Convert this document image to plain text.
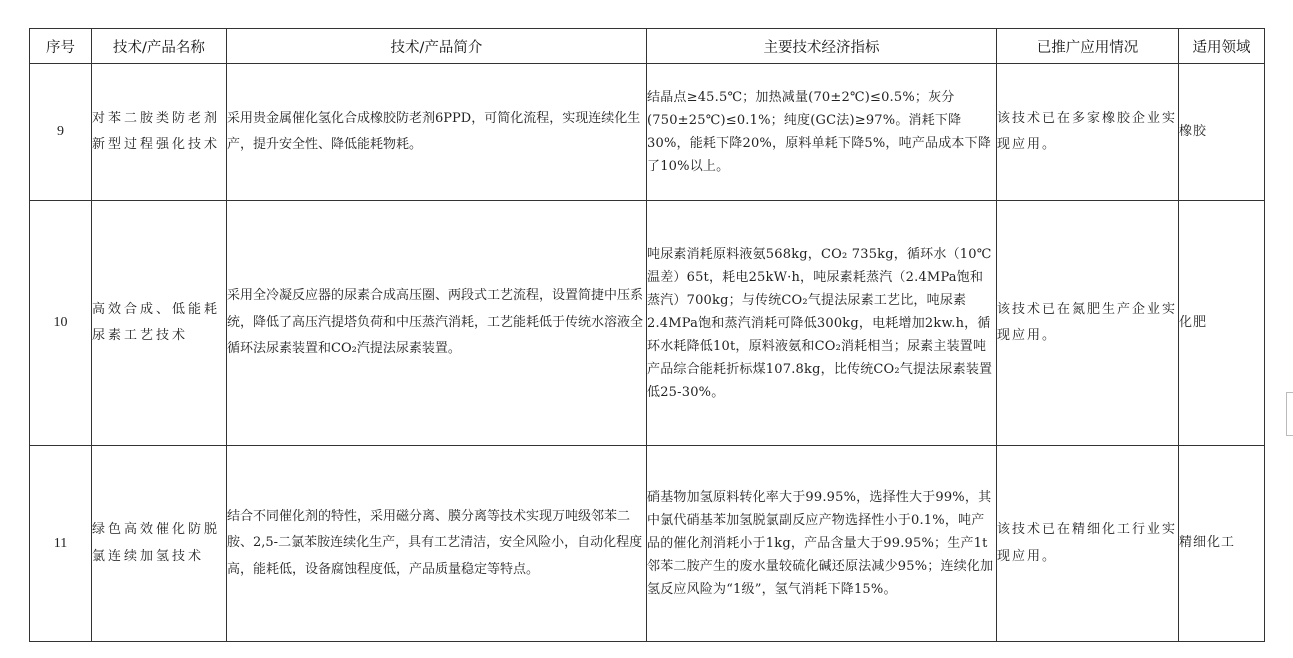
序号	技术/产品名称	技术/产品简介	主要技术经济指标	已推广应用情况	适用领域
9	对苯二胺类防老剂新型过程强化技术	采用贵金属催化氢化合成橡胶防老剂6PPD，可简化流程，实现连续化生产，提升安全性、降低能耗物耗。	结晶点≥45.5℃；加热减量(70±2℃)≤0.5%；灰分(750±25℃)≤0.1%；纯度(GC法)≥97%。消耗下降30%，能耗下降20%，原料单耗下降5%，吨产品成本下降了10%以上。	该技术已在多家橡胶企业实现应用。	橡胶
10	高效合成、低能耗尿素工艺技术	采用全冷凝反应器的尿素合成高压圈、两段式工艺流程，设置简捷中压系统，降低了高压汽提塔负荷和中压蒸汽消耗，工艺能耗低于传统水溶液全循环法尿素装置和CO₂汽提法尿素装置。	吨尿素消耗原料液氨568kg，CO₂ 735kg，循环水（10℃温差）65t，耗电25kW·h，吨尿素耗蒸汽（2.4MPa饱和蒸汽）700kg；与传统CO₂气提法尿素工艺比，吨尿素2.4MPa饱和蒸汽消耗可降低300kg，电耗增加2kw.h，循环水耗降低10t，原料液氨和CO₂消耗相当；尿素主装置吨产品综合能耗折标煤107.8kg，比传统CO₂气提法尿素装置低25-30%。	该技术已在氮肥生产企业实现应用。	化肥
11	绿色高效催化防脱氯连续加氢技术	结合不同催化剂的特性，采用磁分离、膜分离等技术实现万吨级邻苯二胺、2,5-二氯苯胺连续化生产，具有工艺清洁，安全风险小，自动化程度高，能耗低，设备腐蚀程度低，产品质量稳定等特点。	硝基物加氢原料转化率大于99.95%，选择性大于99%，其中氯代硝基苯加氢脱氯副反应产物选择性小于0.1%，吨产品的催化剂消耗小于1kg，产品含量大于99.95%；生产1t邻苯二胺产生的废水量较硫化碱还原法减少95%；连续化加氢反应风险为“1级”，氢气消耗下降15%。	该技术已在精细化工行业实现应用。	精细化工
